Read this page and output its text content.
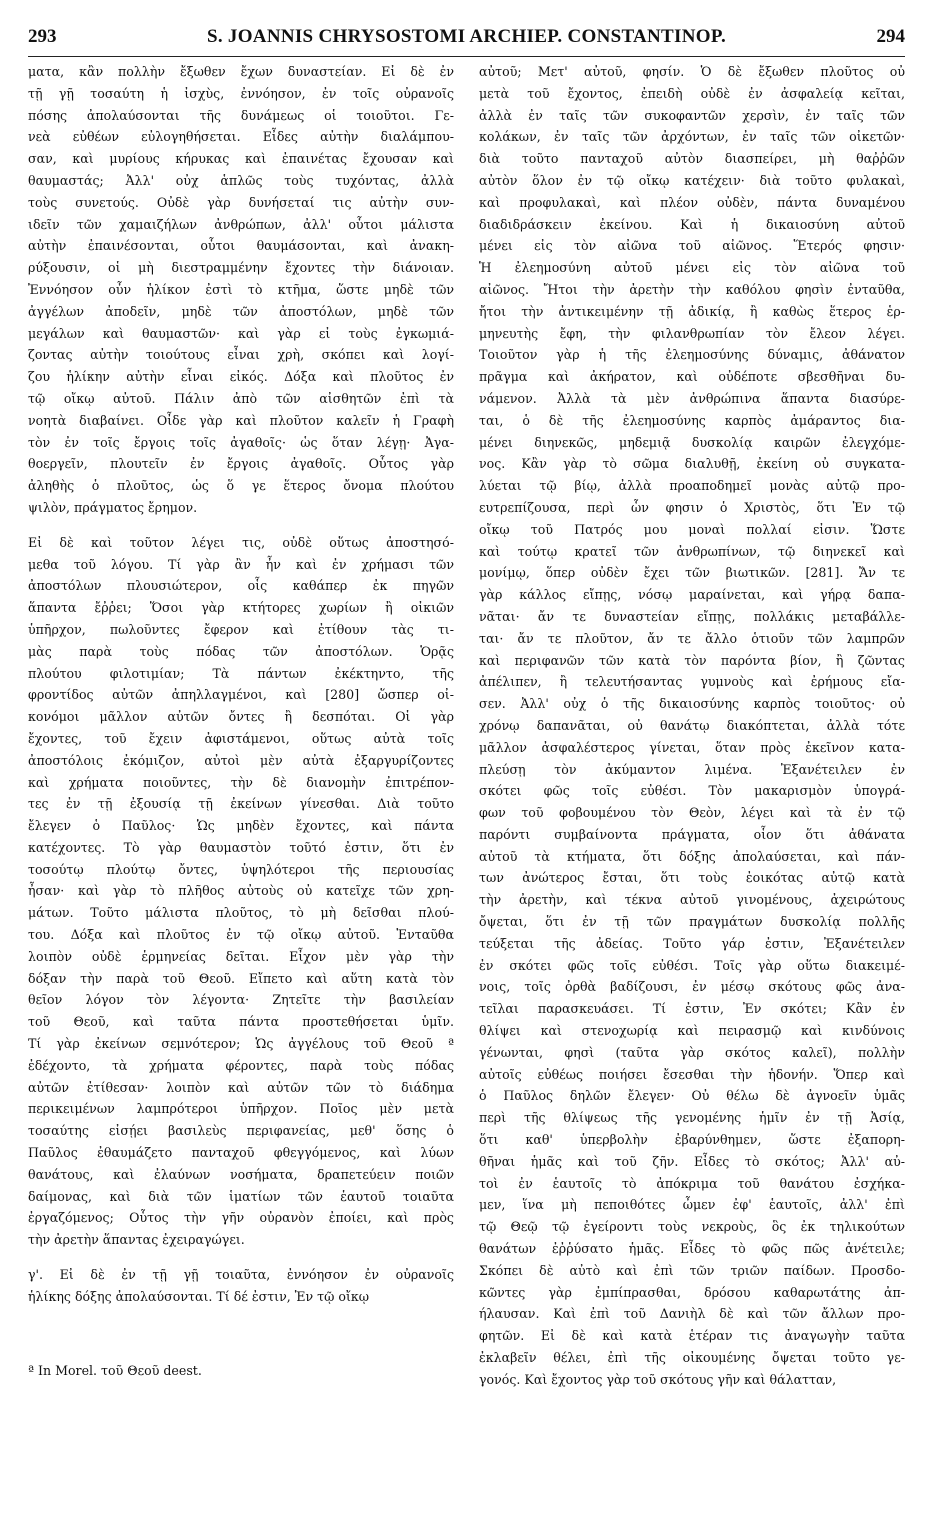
293	S. JOANNIS CHRYSOSTOMI ARCHIEP. CONSTANTINOP.	294
ματα, κἂν πολλὴν ἔξωθεν ἔχων δυναστείαν. Εἰ δὲ ἐν
τῇ γῇ τοσαύτη ἡ ἰσχὺς, ἐννόησον, ἐν τοῖς οὐρανοῖς
πόσης ἀπολαύσονται τῆς δυνάμεως οἱ τοιοῦτοι. Γε-
νεὰ εὐθέων εὐλογηθήσεται. Εἶδες αὐτὴν διαλάμπου-
σαν, καὶ μυρίους κήρυκας καὶ ἐπαινέτας ἔχουσαν καὶ
θαυμαστάς; Ἀλλ' οὐχ ἁπλῶς τοὺς τυχόντας, ἀλλὰ
τοὺς συνετούς. Οὐδὲ γὰρ δυνήσεταί τις αὐτὴν συν-
ιδεῖν τῶν χαμαιζήλων ἀνθρώπων, ἀλλ' οὗτοι μάλιστα
αὐτὴν ἐπαινέσονται, οὗτοι θαυμάσονται, καὶ ἀνακη-
ρύξουσιν, οἱ μὴ διεστραμμένην ἔχοντες τὴν διάνοιαν.
Ἐννόησον οὖν ἡλίκον ἐστὶ τὸ κτῆμα, ὥστε μηδὲ τῶν
ἀγγέλων ἀποδεῖν, μηδὲ τῶν ἀποστόλων, μηδὲ τῶν
μεγάλων καὶ θαυμαστῶν· καὶ γὰρ εἰ τοὺς ἐγκωμιά-
ζοντας αὐτὴν τοιούτους εἶναι χρὴ, σκόπει καὶ λογί-
ζου ἡλίκην αὐτὴν εἶναι εἰκός. Δόξα καὶ πλοῦτος ἐν
τῷ οἴκῳ αὐτοῦ. Πάλιν ἀπὸ τῶν αἰσθητῶν ἐπὶ τὰ
νοητὰ διαβαίνει. Οἶδε γὰρ καὶ πλοῦτον καλεῖν ἡ Γραφὴ
τὸν ἐν τοῖς ἔργοις τοῖς ἀγαθοῖς· ὡς ὅταν λέγῃ· Ἀγα-
θοεργεῖν, πλουτεῖν ἐν ἔργοις ἀγαθοῖς. Οὗτος γὰρ
ἀληθὴς ὁ πλοῦτος, ὡς ὅ γε ἕτερος ὄνομα πλούτου
ψιλὸν, πράγματος ἔρημον.
Εἰ δὲ καὶ τοῦτον λέγει τις, οὐδὲ οὕτως ἀποστησό-
μεθα τοῦ λόγου. Τί γὰρ ἂν ἦν καὶ ἐν χρήμασι τῶν
ἀποστόλων πλουσιώτερον, οἷς καθάπερ ἐκ πηγῶν
ἅπαντα ἔῤῥει; Ὅσοι γὰρ κτήτορες χωρίων ἢ οἰκιῶν
ὑπῆρχον, πωλοῦντες ἔφερον καὶ ἐτίθουν τὰς τι-
μὰς παρὰ τοὺς πόδας τῶν ἀποστόλων. Ὁρᾷς
πλούτου φιλοτιμίαν; Τὰ πάντων ἐκέκτηντο, τῆς
φροντίδος αὐτῶν ἀπηλλαγμένοι, καὶ [280] ὥσπερ οἰ-
κονόμοι μᾶλλον αὐτῶν ὄντες ἢ δεσπόται. Οἱ γὰρ
ἔχοντες, τοῦ ἔχειν ἀφιστάμενοι, οὕτως αὐτὰ τοῖς
ἀποστόλοις ἐκόμιζον, αὐτοὶ μὲν αὐτὰ ἐξαργυρίζοντες
καὶ χρήματα ποιοῦντες, τὴν δὲ διανομὴν ἐπιτρέπον-
τες ἐν τῇ ἐξουσίᾳ τῇ ἐκείνων γίνεσθαι. Διὰ τοῦτο
ἔλεγεν ὁ Παῦλος· Ὡς μηδὲν ἔχοντες, καὶ πάντα
κατέχοντες. Τὸ γὰρ θαυμαστὸν τοῦτό ἐστιν, ὅτι ἐν
τοσούτῳ πλούτῳ ὄντες, ὑψηλότεροι τῆς περιουσίας
ἦσαν· καὶ γὰρ τὸ πλῆθος αὐτοὺς οὐ κατεῖχε τῶν χρη-
μάτων. Τοῦτο μάλιστα πλοῦτος, τὸ μὴ δεῖσθαι πλού-
του. Δόξα καὶ πλοῦτος ἐν τῷ οἴκῳ αὐτοῦ. Ἐνταῦθα
λοιπὸν οὐδὲ ἑρμηνείας δεῖται. Εἶχον μὲν γὰρ τὴν
δόξαν τὴν παρὰ τοῦ Θεοῦ. Εἴπετο καὶ αὕτη κατὰ τὸν
θεῖον λόγον τὸν λέγοντα· Ζητεῖτε τὴν βασιλείαν
τοῦ Θεοῦ, καὶ ταῦτα πάντα προστεθήσεται ὑμῖν.
Τί γὰρ ἐκείνων σεμνότερον; Ὡς ἀγγέλους τοῦ Θεοῦ ª
ἐδέχοντο, τὰ χρήματα φέροντες, παρὰ τοὺς πόδας
αὐτῶν ἐτίθεσαν· λοιπὸν καὶ αὐτῶν τῶν τὸ διάδημα
περικειμένων λαμπρότεροι ὑπῆρχον. Ποῖος μὲν μετὰ
τοσαύτης εἰσῄει βασιλεὺς περιφανείας, μεθ' ὅσης ὁ
Παῦλος ἐθαυμάζετο πανταχοῦ φθεγγόμενος, καὶ λύων
θανάτους, καὶ ἐλαύνων νοσήματα, δραπετεύειν ποιῶν
δαίμονας, καὶ διὰ τῶν ἱματίων τῶν ἑαυτοῦ τοιαῦτα
ἐργαζόμενος; Οὗτος τὴν γῆν οὐρανὸν ἐποίει, καὶ πρὸς
τὴν ἀρετὴν ἅπαντας ἐχειραγώγει.
γ'. Εἰ δὲ ἐν τῇ γῇ τοιαῦτα, ἐννόησον ἐν οὐρανοῖς
ἡλίκης δόξης ἀπολαύσονται. Τί δέ ἐστιν, Ἐν τῷ οἴκῳ
ª In Morel. τοῦ Θεοῦ deest.
αὐτοῦ; Μετ' αὐτοῦ, φησίν. Ὁ δὲ ἔξωθεν πλοῦτος οὐ
μετὰ τοῦ ἔχοντος, ἐπειδὴ οὐδὲ ἐν ἀσφαλείᾳ κεῖται,
ἀλλὰ ἐν ταῖς τῶν συκοφαντῶν χερσὶν, ἐν ταῖς τῶν
κολάκων, ἐν ταῖς τῶν ἀρχόντων, ἐν ταῖς τῶν οἰκετῶν·
διὰ τοῦτο πανταχοῦ αὐτὸν διασπείρει, μὴ θαῤῥῶν
αὐτὸν ὅλον ἐν τῷ οἴκῳ κατέχειν· διὰ τοῦτο φυλακαὶ,
καὶ προφυλακαὶ, καὶ πλέον οὐδὲν, πάντα δυναμένου
διαδιδράσκειν ἐκείνου. Καὶ ἡ δικαιοσύνη αὐτοῦ
μένει εἰς τὸν αἰῶνα τοῦ αἰῶνος. Ἕτερός φησιν·
Ἡ ἐλεημοσύνη αὐτοῦ μένει εἰς τὸν αἰῶνα τοῦ
αἰῶνος. Ἤτοι τὴν ἀρετὴν τὴν καθόλου φησὶν ἐνταῦθα,
ἤτοι τὴν ἀντικειμένην τῇ ἀδικίᾳ, ἢ καθὼς ἕτερος ἑρ-
μηνευτὴς ἔφη, τὴν φιλανθρωπίαν τὸν ἔλεον λέγει.
Τοιοῦτον γὰρ ἡ τῆς ἐλεημοσύνης δύναμις, ἀθάνατον
πρᾶγμα καὶ ἀκήρατον, καὶ οὐδέποτε σβεσθῆναι δυ-
νάμενον. Ἀλλὰ τὰ μὲν ἀνθρώπινα ἅπαντα διασύρε-
ται, ὁ δὲ τῆς ἐλεημοσύνης καρπὸς ἀμάραντος δια-
μένει διηνεκῶς, μηδεμιᾷ δυσκολίᾳ καιρῶν ἐλεγχόμε-
νος. Κἂν γὰρ τὸ σῶμα διαλυθῇ, ἐκείνη οὐ συγκατα-
λύεται τῷ βίῳ, ἀλλὰ προαποδημεῖ μονὰς αὐτῷ προ-
ευτρεπίζουσα, περὶ ὧν φησιν ὁ Χριστὸς, ὅτι Ἐν τῷ
οἴκῳ τοῦ Πατρός μου μοναὶ πολλαί εἰσιν. Ὥστε
καὶ τούτῳ κρατεῖ τῶν ἀνθρωπίνων, τῷ διηνεκεῖ καὶ
μονίμῳ, ὅπερ οὐδὲν ἔχει τῶν βιωτικῶν. [281]. Ἄν τε
γὰρ κάλλος εἴπῃς, νόσῳ μαραίνεται, καὶ γήρᾳ δαπα-
νᾶται· ἄν τε δυναστείαν εἴπῃς, πολλάκις μεταβάλλε-
ται· ἄν τε πλοῦτον, ἄν τε ἄλλο ὁτιοῦν τῶν λαμπρῶν
καὶ περιφανῶν τῶν κατὰ τὸν παρόντα βίον, ἢ ζῶντας
ἀπέλιπεν, ἢ τελευτήσαντας γυμνοὺς καὶ ἐρήμους εἴα-
σεν. Ἀλλ' οὐχ ὁ τῆς δικαιοσύνης καρπὸς τοιοῦτος· οὐ
χρόνῳ δαπανᾶται, οὐ θανάτῳ διακόπτεται, ἀλλὰ τότε
μᾶλλον ἀσφαλέστερος γίνεται, ὅταν πρὸς ἐκεῖνον κατα-
πλεύσῃ τὸν ἀκύμαντον λιμένα. Ἐξανέτειλεν ἐν
σκότει φῶς τοῖς εὐθέσι. Τὸν μακαρισμὸν ὑπογρά-
φων τοῦ φοβουμένου τὸν Θεὸν, λέγει καὶ τὰ ἐν τῷ
παρόντι συμβαίνοντα πράγματα, οἷον ὅτι ἀθάνατα
αὐτοῦ τὰ κτήματα, ὅτι δόξης ἀπολαύσεται, καὶ πάν-
των ἀνώτερος ἔσται, ὅτι τοὺς ἐοικότας αὐτῷ κατὰ
τὴν ἀρετὴν, καὶ τέκνα αὐτοῦ γινομένους, ἀχειρώτους
ὄψεται, ὅτι ἐν τῇ τῶν πραγμάτων δυσκολίᾳ πολλῆς
τεύξεται τῆς ἀδείας. Τοῦτο γάρ ἐστιν, Ἐξανέτειλεν
ἐν σκότει φῶς τοῖς εὐθέσι. Τοῖς γὰρ οὕτω διακειμέ-
νοις, τοῖς ὀρθὰ βαδίζουσι, ἐν μέσῳ σκότους φῶς ἀνα-
τεῖλαι παρασκευάσει. Τί ἐστιν, Ἐν σκότει; Κἂν ἐν
θλίψει καὶ στενοχωρίᾳ καὶ πειρασμῷ καὶ κινδύνοις
γένωνται, φησὶ (ταῦτα γὰρ σκότος καλεῖ), πολλὴν
αὐτοῖς εὐθέως ποιήσει ἔσεσθαι τὴν ἡδονήν. Ὅπερ καὶ
ὁ Παῦλος δηλῶν ἔλεγεν· Οὐ θέλω δὲ ἀγνοεῖν ὑμᾶς
περὶ τῆς θλίψεως τῆς γενομένης ἡμῖν ἐν τῇ Ἀσίᾳ,
ὅτι καθ' ὑπερβολὴν ἐβαρύνθημεν, ὥστε ἐξαπορη-
θῆναι ἡμᾶς καὶ τοῦ ζῆν. Εἶδες τὸ σκότος; Ἀλλ' αὐ-
τοὶ ἐν ἑαυτοῖς τὸ ἀπόκριμα τοῦ θανάτου ἐσχήκα-
μεν, ἵνα μὴ πεποιθότες ὦμεν ἐφ' ἑαυτοῖς, ἀλλ' ἐπὶ
τῷ Θεῷ τῷ ἐγείροντι τοὺς νεκροὺς, ὃς ἐκ τηλικούτων
θανάτων ἐῤῥύσατο ἡμᾶς. Εἶδες τὸ φῶς πῶς ἀνέτειλε;
Σκόπει δὲ αὐτὸ καὶ ἐπὶ τῶν τριῶν παίδων. Προσδο-
κῶντες γὰρ ἐμπίπρασθαι, δρόσου καθαρωτάτης ἀπ-
ήλαυσαν. Καὶ ἐπὶ τοῦ Δανιὴλ δὲ καὶ τῶν ἄλλων προ-
φητῶν. Εἰ δὲ καὶ κατὰ ἑτέραν τις ἀναγωγὴν ταῦτα
ἐκλαβεῖν θέλει, ἐπὶ τῆς οἰκουμένης ὄψεται τοῦτο γε-
γονός. Καὶ ἔχοντος γὰρ τοῦ σκότους γῆν καὶ θάλατταν,
